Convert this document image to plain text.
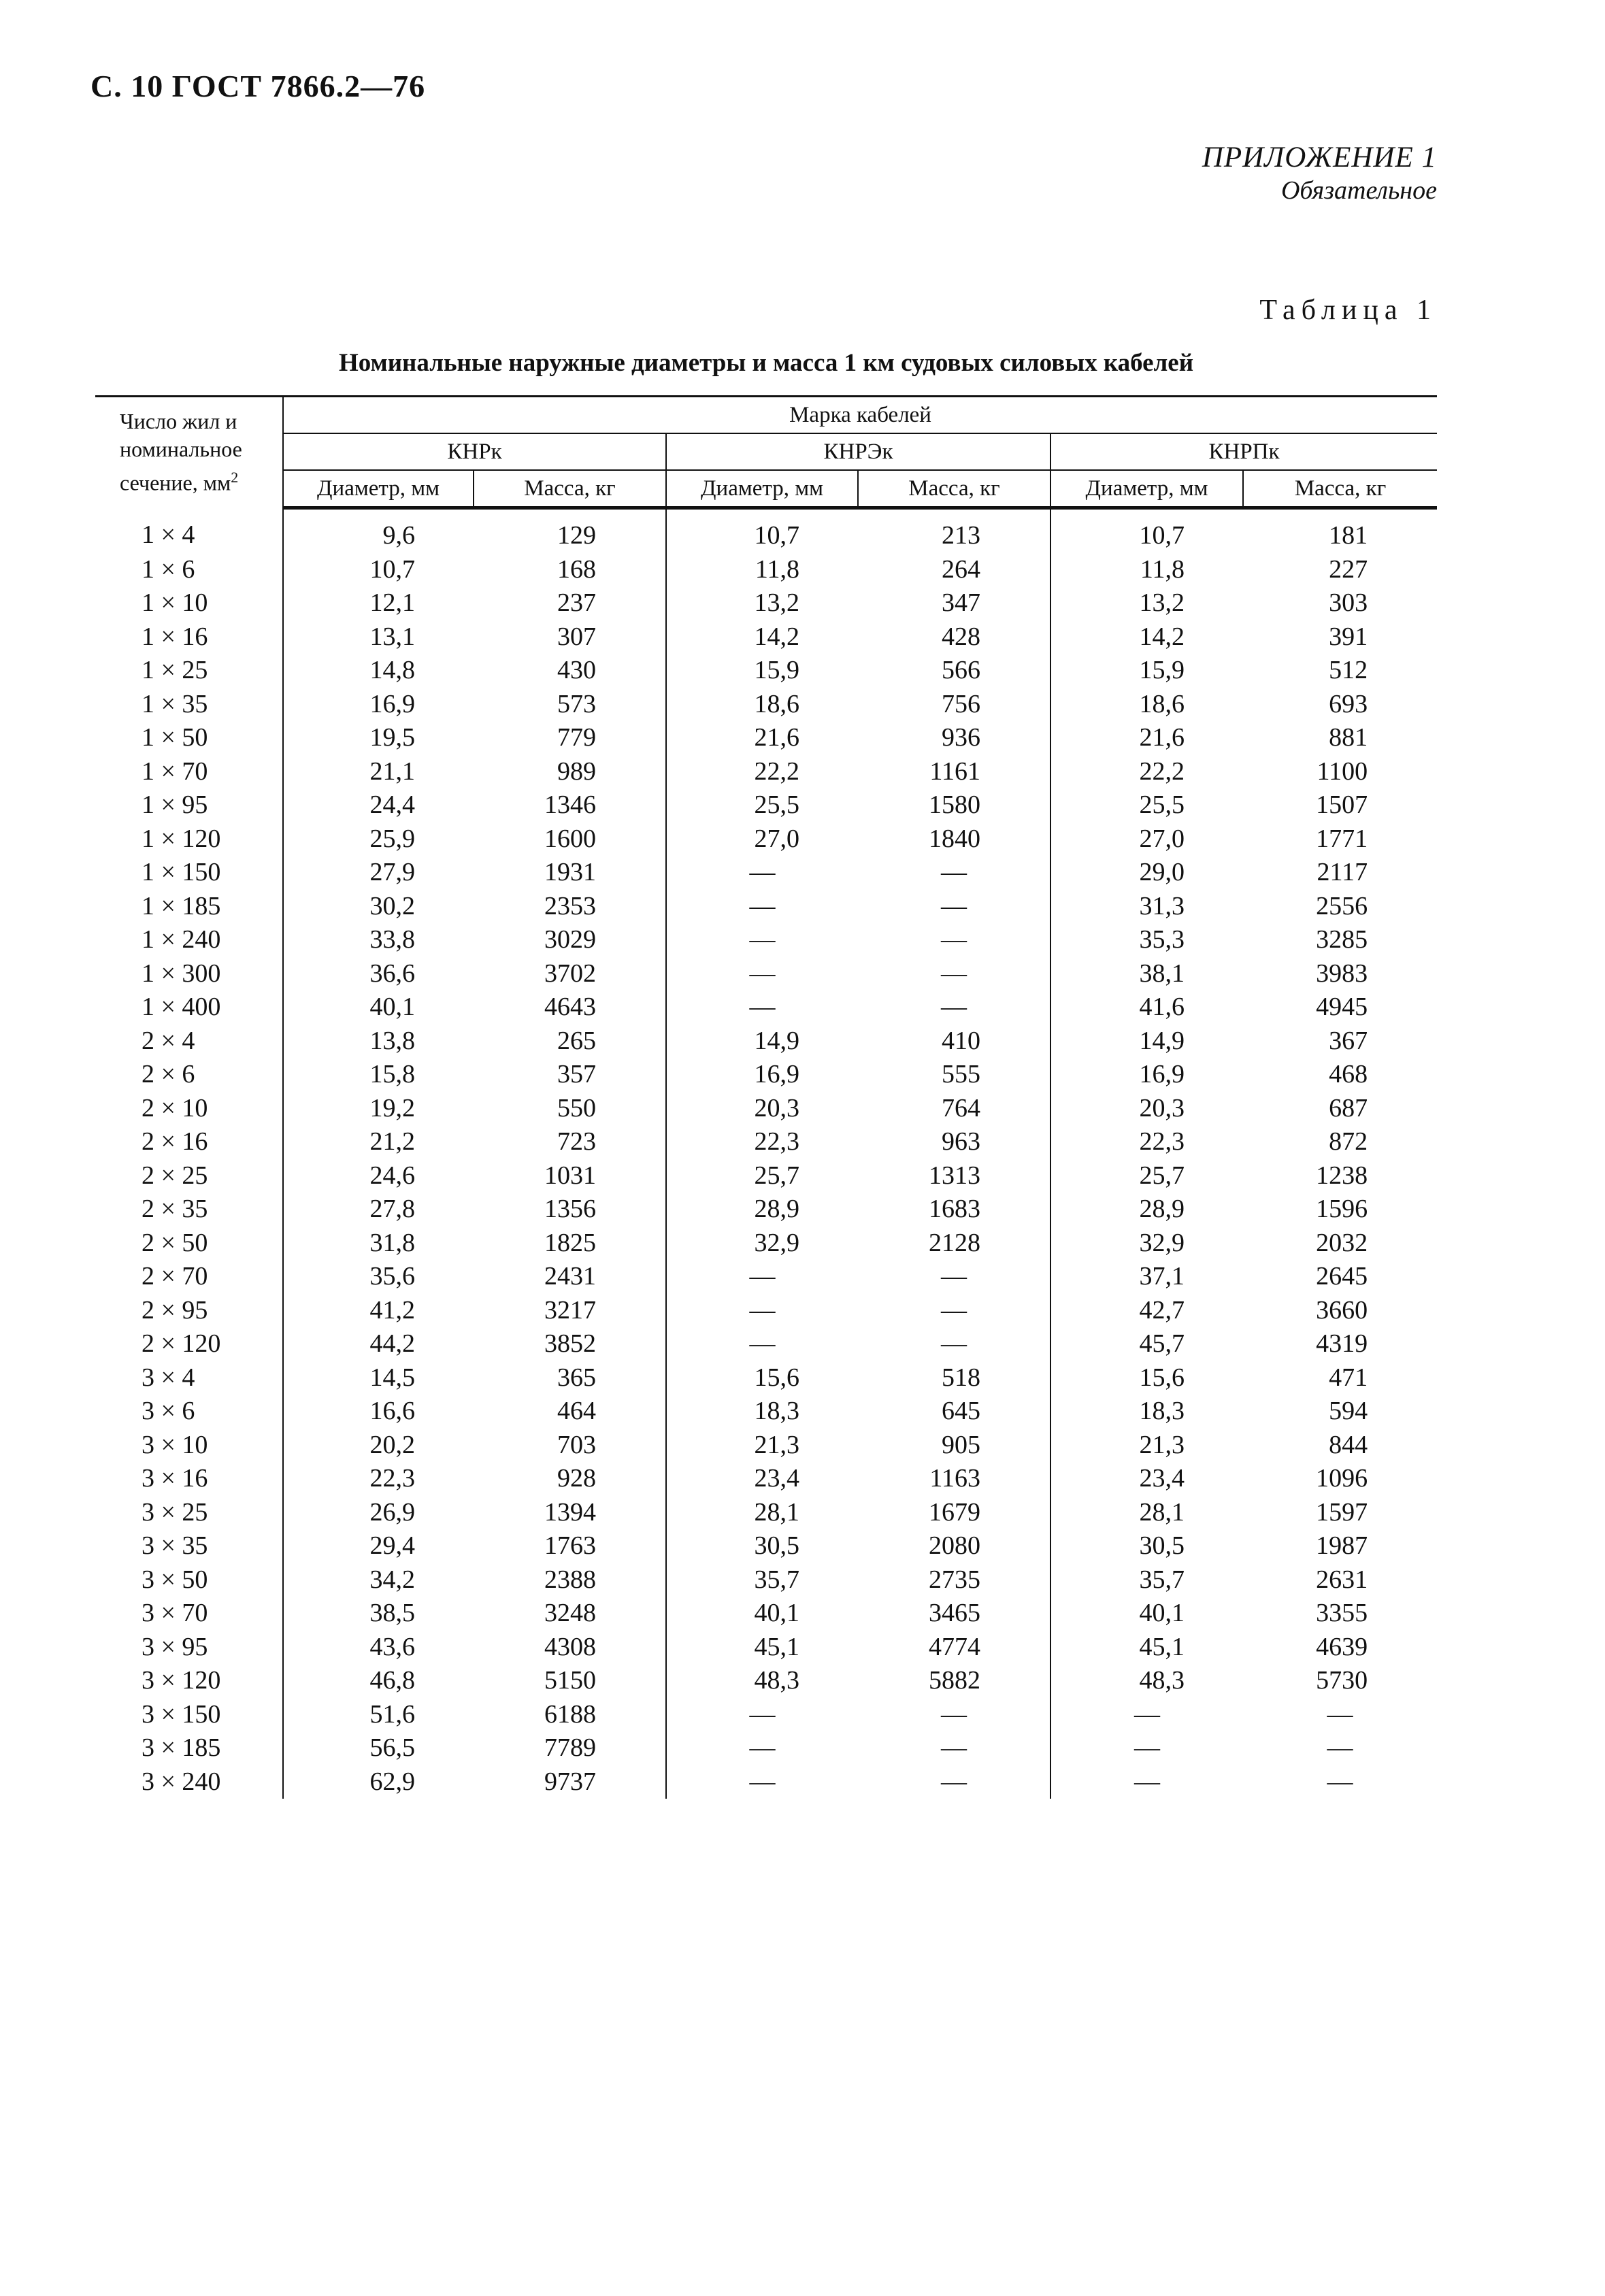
С. 10 ГОСТ 7866.2—76
ПРИЛОЖЕНИЕ 1
Обязательное
Таблица 1
Номинальные наружные диаметры и масса 1 км судовых силовых кабелей
Число жил и номинальное сечение, $мм^2$	Марка кабелей					
	КНРк		КНРЭк		КНРПк	
	Диаметр, мм	Масса, кг	Диаметр, мм	Масса, кг	Диаметр, мм	Масса, кг
1 × 4	9,6	129	10,7	213	10,7	181
1 × 6	10,7	168	11,8	264	11,8	227
1 × 10	12,1	237	13,2	347	13,2	303
1 × 16	13,1	307	14,2	428	14,2	391
1 × 25	14,8	430	15,9	566	15,9	512
1 × 35	16,9	573	18,6	756	18,6	693
1 × 50	19,5	779	21,6	936	21,6	881
1 × 70	21,1	989	22,2	1161	22,2	1100
1 × 95	24,4	1346	25,5	1580	25,5	1507
1 × 120	25,9	1600	27,0	1840	27,0	1771
1 × 150	27,9	1931	—	—	29,0	2117
1 × 185	30,2	2353	—	—	31,3	2556
1 × 240	33,8	3029	—	—	35,3	3285
1 × 300	36,6	3702	—	—	38,1	3983
1 × 400	40,1	4643	—	—	41,6	4945
2 × 4	13,8	265	14,9	410	14,9	367
2 × 6	15,8	357	16,9	555	16,9	468
2 × 10	19,2	550	20,3	764	20,3	687
2 × 16	21,2	723	22,3	963	22,3	872
2 × 25	24,6	1031	25,7	1313	25,7	1238
2 × 35	27,8	1356	28,9	1683	28,9	1596
2 × 50	31,8	1825	32,9	2128	32,9	2032
2 × 70	35,6	2431	—	—	37,1	2645
2 × 95	41,2	3217	—	—	42,7	3660
2 × 120	44,2	3852	—	—	45,7	4319
3 × 4	14,5	365	15,6	518	15,6	471
3 × 6	16,6	464	18,3	645	18,3	594
3 × 10	20,2	703	21,3	905	21,3	844
3 × 16	22,3	928	23,4	1163	23,4	1096
3 × 25	26,9	1394	28,1	1679	28,1	1597
3 × 35	29,4	1763	30,5	2080	30,5	1987
3 × 50	34,2	2388	35,7	2735	35,7	2631
3 × 70	38,5	3248	40,1	3465	40,1	3355
3 × 95	43,6	4308	45,1	4774	45,1	4639
3 × 120	46,8	5150	48,3	5882	48,3	5730
3 × 150	51,6	6188	—	—	—	—
3 × 185	56,5	7789	—	—	—	—
3 × 240	62,9	9737	—	—	—	—
